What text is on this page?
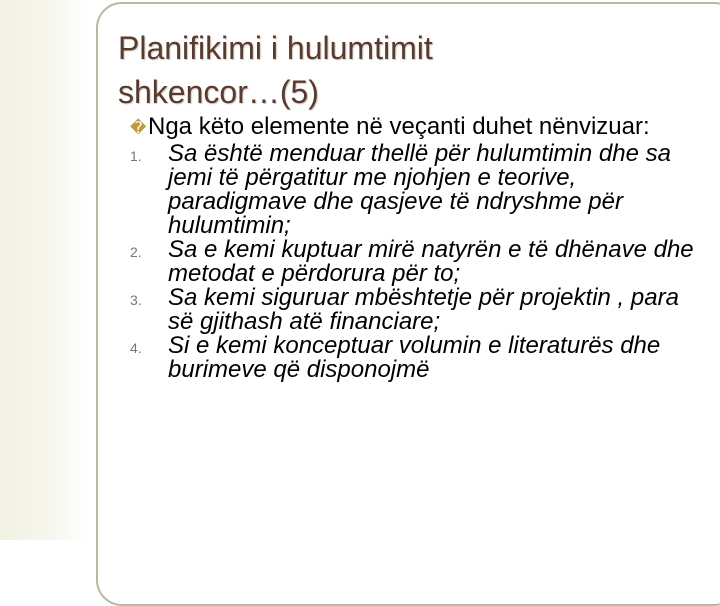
Planifikimi i hulumtimit
shkencor…(5)
� Nga këto elemente në veçanti duhet nënvizuar:
1.	Sa është menduar thellë për hulumtimin dhe sa jemi të përgatitur me njohjen e teorive, paradigmave dhe qasjeve të ndryshme për hulumtimin;
2.	Sa e kemi kuptuar mirë natyrën e të dhënave dhe metodat e përdorura për to;
3.	Sa kemi siguruar mbështetje për projektin , para së gjithash atë financiare;
4.	Si e kemi konceptuar volumin e literaturës dhe burimeve që disponojmë
